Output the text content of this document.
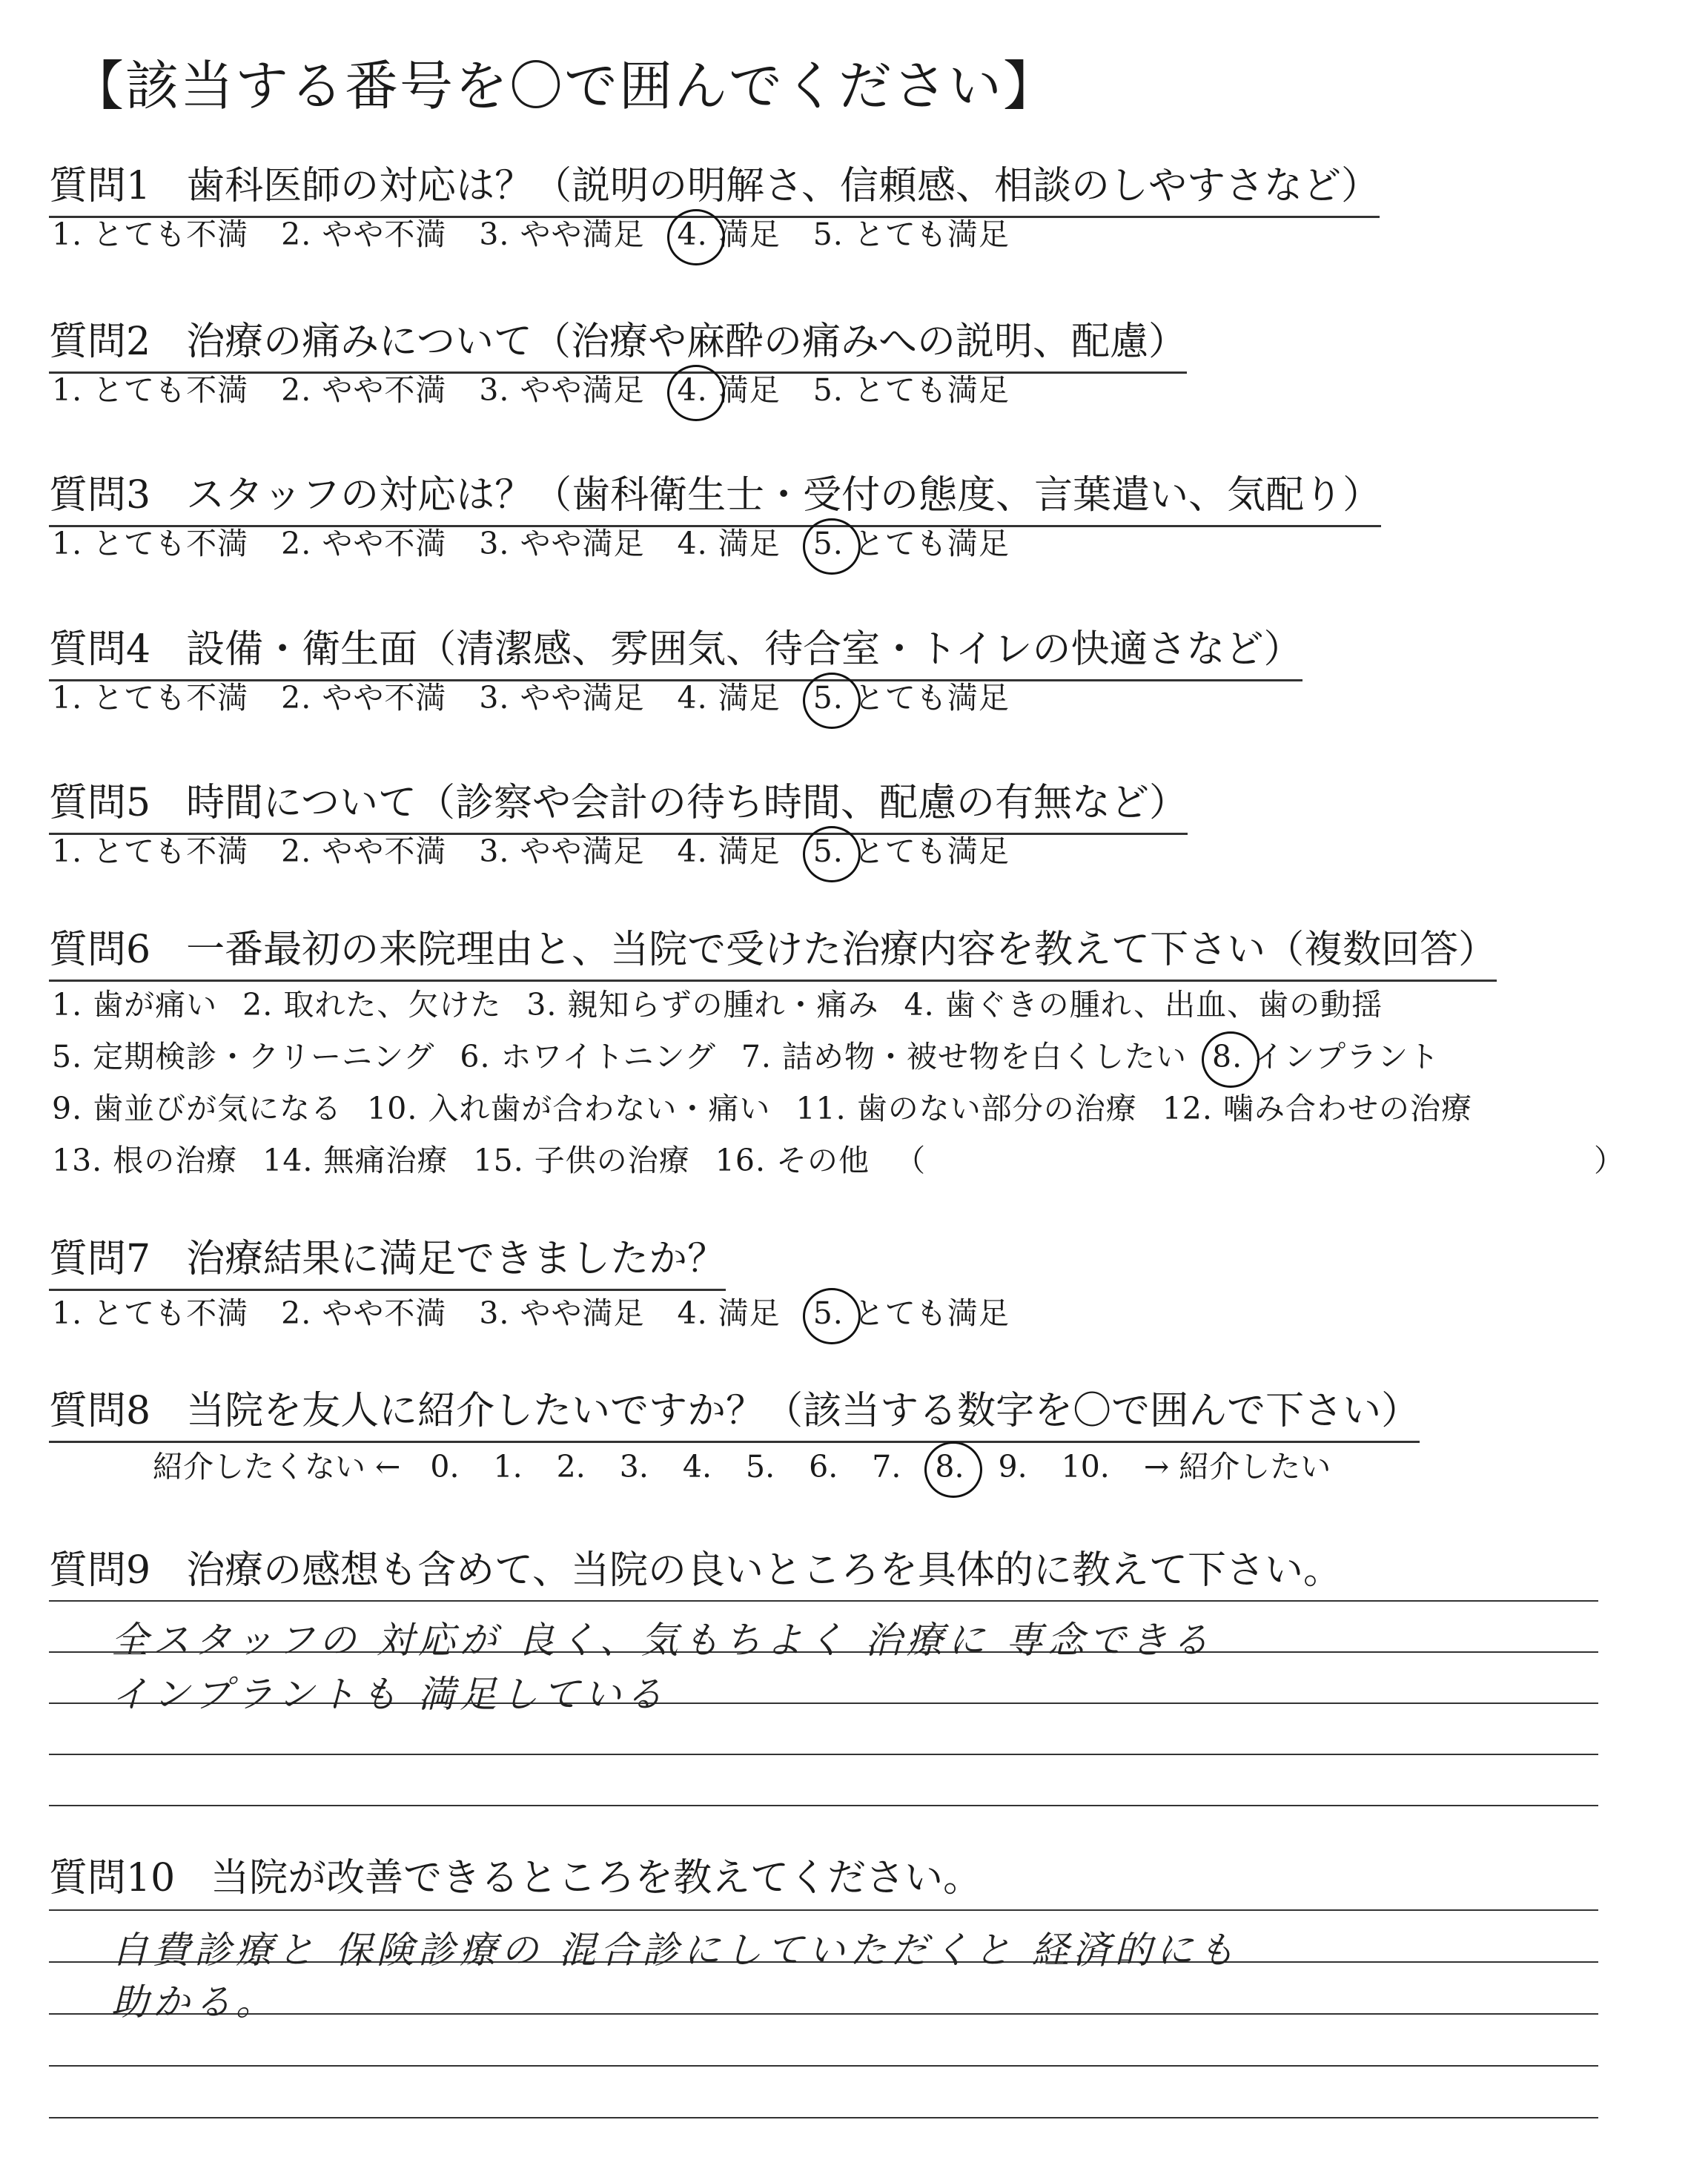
【該当する番号を〇で囲んでください】
質問1 歯科医師の対応は？（説明の明解さ、信頼感、相談のしやすさなど）
1. とても不満 2. やや不満 3. やや満足 4. 満足 5. とても満足
質問2 治療の痛みについて（治療や麻酔の痛みへの説明、配慮）
1. とても不満 2. やや不満 3. やや満足 4. 満足 5. とても満足
質問3 スタッフの対応は？（歯科衛生士・受付の態度、言葉遣い、気配り）
1. とても不満 2. やや不満 3. やや満足 4. 満足 5. とても満足
質問4 設備・衛生面（清潔感、雰囲気、待合室・トイレの快適さなど）
1. とても不満 2. やや不満 3. やや満足 4. 満足 5. とても満足
質問5 時間について（診察や会計の待ち時間、配慮の有無など）
1. とても不満 2. やや不満 3. やや満足 4. 満足 5. とても満足
質問6 一番最初の来院理由と、当院で受けた治療内容を教えて下さい（複数回答）
1. 歯が痛い 2. 取れた、欠けた 3. 親知らずの腫れ・痛み 4. 歯ぐきの腫れ、出血、歯の動揺
5. 定期検診・クリーニング 6. ホワイトニング 7. 詰め物・被せ物を白くしたい 8. インプラント
9. 歯並びが気になる 10. 入れ歯が合わない・痛い 11. 歯のない部分の治療 12. 噛み合わせの治療
13. 根の治療 14. 無痛治療 15. 子供の治療 16. その他 （	）
質問7 治療結果に満足できましたか？
1. とても不満 2. やや不満 3. やや満足 4. 満足 5. とても満足
質問8 当院を友人に紹介したいですか？（該当する数字を〇で囲んで下さい）
紹介したくない ← 0. 1. 2. 3. 4. 5. 6. 7. 8. 9. 10. → 紹介したい
質問9 治療の感想も含めて、当院の良いところを具体的に教えて下さい。
全スタッフの 対応が 良く、気もちよく 治療に 専念できる
インプラントも 満足している
質問10 当院が改善できるところを教えてください。
自費診療と 保険診療の 混合診にしていただくと 経済的にも
助かる。
